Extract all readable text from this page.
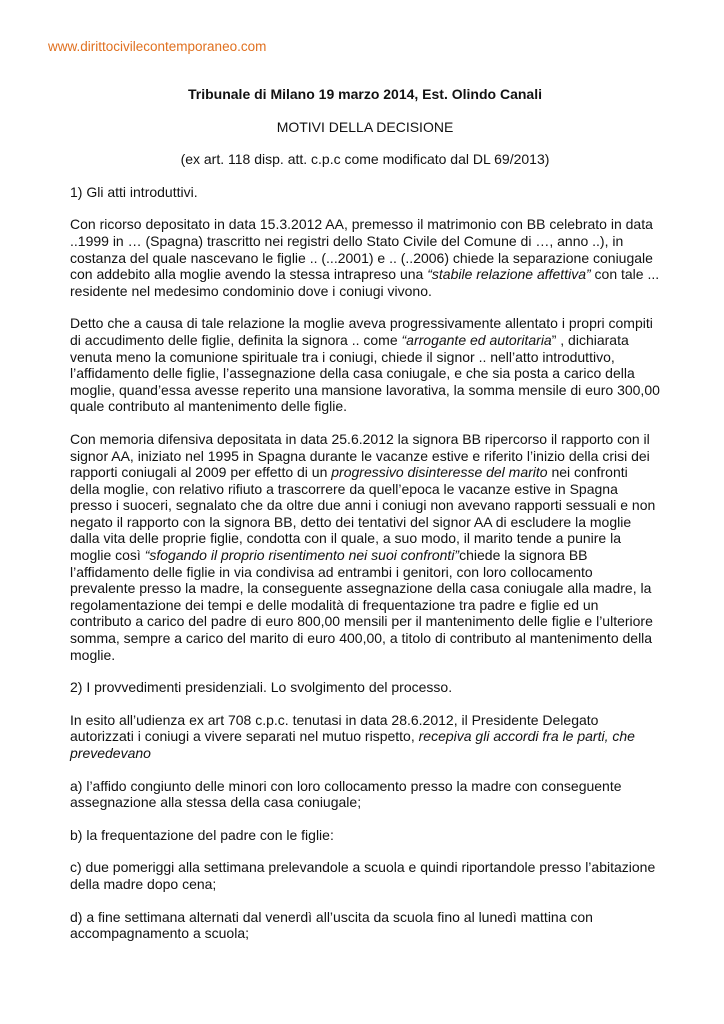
www.dirittocivilecontemporaneo.com
Tribunale di Milano 19 marzo 2014, Est. Olindo Canali
MOTIVI DELLA DECISIONE
(ex art. 118 disp. att. c.p.c come modificato dal DL 69/2013)

1) Gli atti introduttivi.

Con ricorso depositato in data 15.3.2012 AA, premesso il matrimonio con BB celebrato in data ..1999 in … (Spagna) trascritto nei registri dello Stato Civile del Comune di …, anno ..), in costanza del quale nascevano le figlie .. (...2001) e .. (..2006) chiede la separazione coniugale con addebito alla moglie avendo la stessa intrapreso una “stabile relazione affettiva” con tale ... residente nel medesimo condominio dove i coniugi vivono.

Detto che a causa di tale relazione la moglie aveva progressivamente allentato i propri compiti di accudimento delle figlie, definita la signora .. come “arrogante ed autoritaria” , dichiarata venuta meno la comunione spirituale tra i coniugi, chiede il signor .. nell’atto introduttivo, l’affidamento delle figlie, l’assegnazione della casa coniugale, e che sia posta a carico della moglie, quand’essa avesse reperito una mansione lavorativa, la somma mensile di euro 300,00 quale contributo al mantenimento delle figlie.

Con memoria difensiva depositata in data 25.6.2012 la signora BB ripercorso il rapporto con il signor AA, iniziato nel 1995 in Spagna durante le vacanze estive e riferito l’inizio della crisi dei rapporti coniugali al 2009 per effetto di un progressivo disinteresse del marito nei confronti della moglie, con relativo rifiuto a trascorrere da quell’epoca le vacanze estive in Spagna presso i suoceri, segnalato che da oltre due anni i coniugi non avevano rapporti sessuali e non negato il rapporto con la signora BB, detto dei tentativi del signor AA di escludere la moglie dalla vita delle proprie figlie, condotta con il quale, a suo modo, il marito tende a punire la moglie così “sfogando il proprio risentimento nei suoi confronti”chiede la signora BB l’affidamento delle figlie in via condivisa ad entrambi i genitori, con loro collocamento prevalente presso la madre, la conseguente assegnazione della casa coniugale alla madre, la regolamentazione dei tempi e delle modalità di frequentazione tra padre e figlie ed un contributo a carico del padre di euro 800,00 mensili per il mantenimento delle figlie e l’ulteriore somma, sempre a carico del marito di euro 400,00, a titolo di contributo al mantenimento della moglie.

2) I provvedimenti presidenziali. Lo svolgimento del processo.

In esito all’udienza ex art 708 c.p.c. tenutasi in data 28.6.2012, il Presidente Delegato autorizzati i coniugi a vivere separati nel mutuo rispetto, recepiva gli accordi fra le parti, che prevedevano

a) l’affido congiunto delle minori con loro collocamento presso la madre con conseguente assegnazione alla stessa della casa coniugale;

b) la frequentazione del padre con le figlie:

c) due pomeriggi alla settimana prelevandole a scuola e quindi riportandole presso l’abitazione della madre dopo cena;

d) a fine settimana alternati dal venerdì all’uscita da scuola fino al lunedì mattina con accompagnamento a scuola;
